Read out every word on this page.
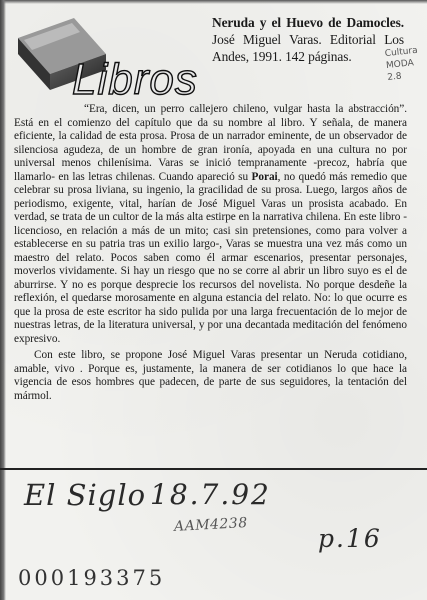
Libros
Neruda y el Huevo de Damocles. José Miguel Varas. Editorial Los Andes, 1991. 142 páginas.	Cultura
MODA 2.8

“Era, dicen, un perro callejero chileno, vulgar hasta la abstracción”. Está en el comienzo del capítulo que da su nombre al libro. Y señala, de manera eficiente, la calidad de esta prosa. Prosa de un narrador eminente, de un observador de silenciosa agudeza, de un hombre de gran ironía, apoyada en una cultura no por universal menos chilenísima. Varas se inició tempranamente -precoz, habría que llamarlo- en las letras chilenas. Cuando apareció su Porai, no quedó más remedio que celebrar su prosa liviana, su ingenio, la gracilidad de su prosa. Luego, largos años de periodismo, exigente, vital, harían de José Miguel Varas un prosista acabado. En verdad, se trata de un cultor de la más alta estirpe en la narrativa chilena. En este libro -licencioso, en relación a más de un mito; casi sin pretensiones, como para volver a establecerse en su patria tras un exilio largo-, Varas se muestra una vez más como un maestro del relato. Pocos saben como él armar escenarios, presentar personajes, moverlos vividamente. Si hay un riesgo que no se corre al abrir un libro suyo es el de aburrirse. Y no es porque desprecie los recursos del novelista. No porque desdeñe la reflexión, el quedarse morosamente en alguna estancia del relato. No: lo que ocurre es que la prosa de este escritor ha sido pulida por una larga frecuentación de lo mejor de nuestras letras, de la literatura universal, y por una decantada meditación del fenómeno expresivo.

Con este libro, se propone José Miguel Varas presentar un Neruda cotidiano, amable, vivo . Porque es, justamente, la manera de ser cotidianos lo que hace la vigencia de esos hombres que padecen, de parte de sus seguidores, la tentación del mármol.

El Siglo 18.7.92
AAM4238	p.16
000193375
